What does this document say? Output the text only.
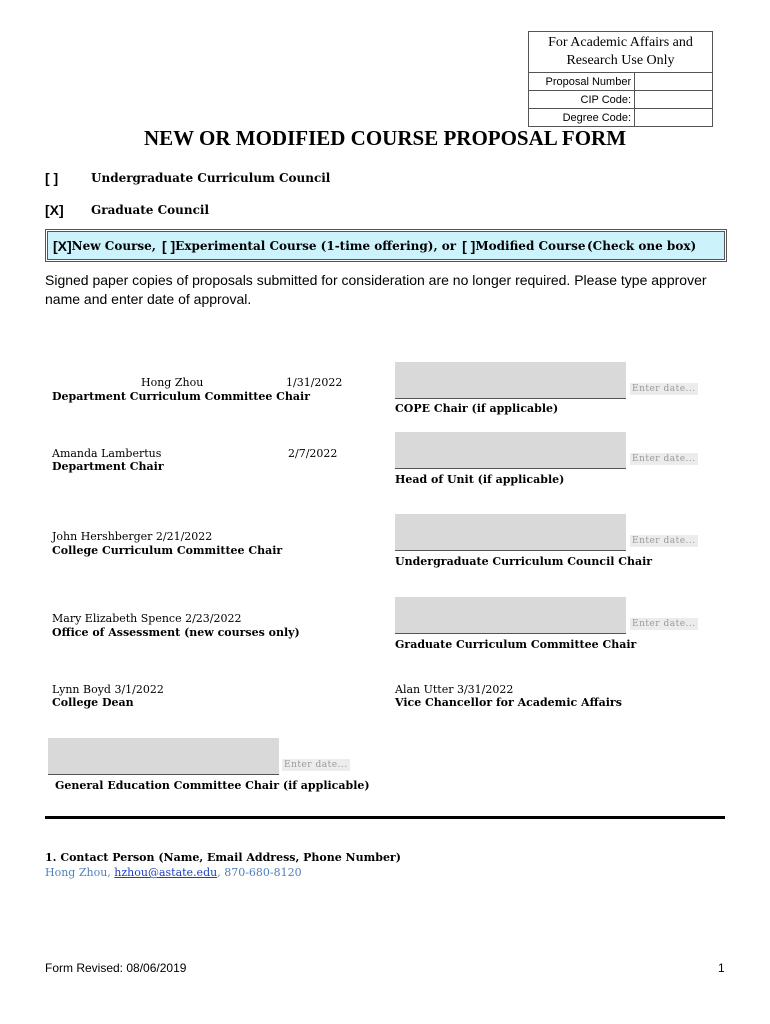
For Academic Affairs and Research Use Only	
Proposal Number	
CIP Code:	
Degree Code:	
NEW OR MODIFIED COURSE PROPOSAL FORM
[ ]	Undergraduate Curriculum Council
[X] Graduate Council
[X] New Course, [ ] Experimental Course (1-time offering), or [ ] Modified Course (Check one box)
Signed paper copies of proposals submitted for consideration are no longer required. Please type approver name and enter date of approval.
Hong Zhou	1/31/2022
Department Curriculum Committee Chair
Amanda Lambertus	2/7/2022
Department Chair
John Hershberger 2/21/2022
College Curriculum Committee Chair
Mary Elizabeth Spence 2/23/2022
Office of Assessment (new courses only)
Lynn Boyd 3/1/2022
College Dean
Enter date...
COPE Chair (if applicable)
Enter date...
Head of Unit (if applicable)
Enter date...
Undergraduate Curriculum Council Chair
Enter date...
Graduate Curriculum Committee Chair
Alan Utter 3/31/2022
Vice Chancellor for Academic Affairs
Enter date...
General Education Committee Chair (if applicable)
1. Contact Person (Name, Email Address, Phone Number)
Hong Zhou, hzhou@astate.edu, 870-680-8120
Form Revised: 08/06/2019	1
